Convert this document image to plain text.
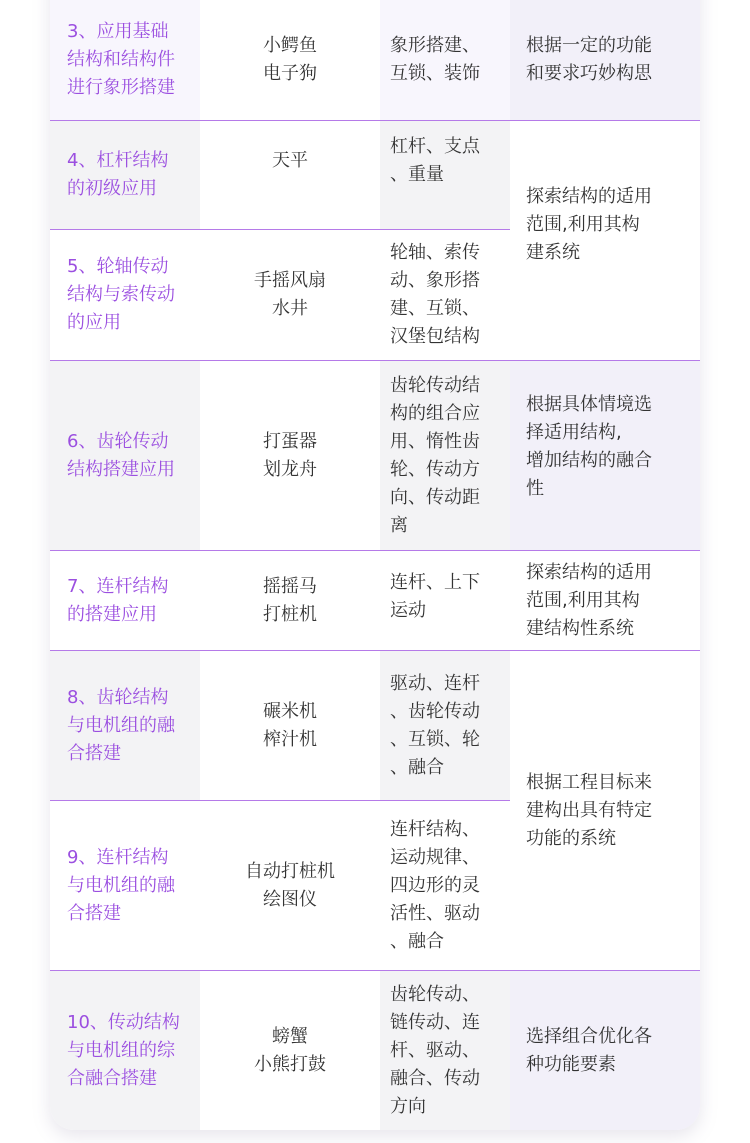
3、应用基础
结构和结构件
进行象形搭建
小鳄鱼
电子狗
象形搭建、
互锁、装饰
根据一定的功能
和要求巧妙构思
4、杠杆结构
的初级应用
天平
杠杆、支点
、重量
5、轮轴传动
结构与索传动
的应用
手摇风扇
水井
轮轴、索传
动、象形搭
建、互锁、
汉堡包结构
探索结构的适用
范围,利用其构
建系统
6、齿轮传动
结构搭建应用
打蛋器
划龙舟
齿轮传动结
构的组合应
用、惰性齿
轮、传动方
向、传动距
离
根据具体情境选
择适用结构,
增加结构的融合
性
7、连杆结构
的搭建应用
摇摇马
打桩机
连杆、上下
运动
探索结构的适用
范围,利用其构
建结构性系统
8、齿轮结构
与电机组的融
合搭建
碾米机
榨汁机
驱动、连杆
、齿轮传动
、互锁、轮
、融合
9、连杆结构
与电机组的融
合搭建
自动打桩机
绘图仪
连杆结构、
运动规律、
四边形的灵
活性、驱动
、融合
根据工程目标来
建构出具有特定
功能的系统
10、传动结构
与电机组的综
合融合搭建
螃蟹
小熊打鼓
齿轮传动、
链传动、连
杆、驱动、
融合、传动
方向
选择组合优化各
种功能要素
